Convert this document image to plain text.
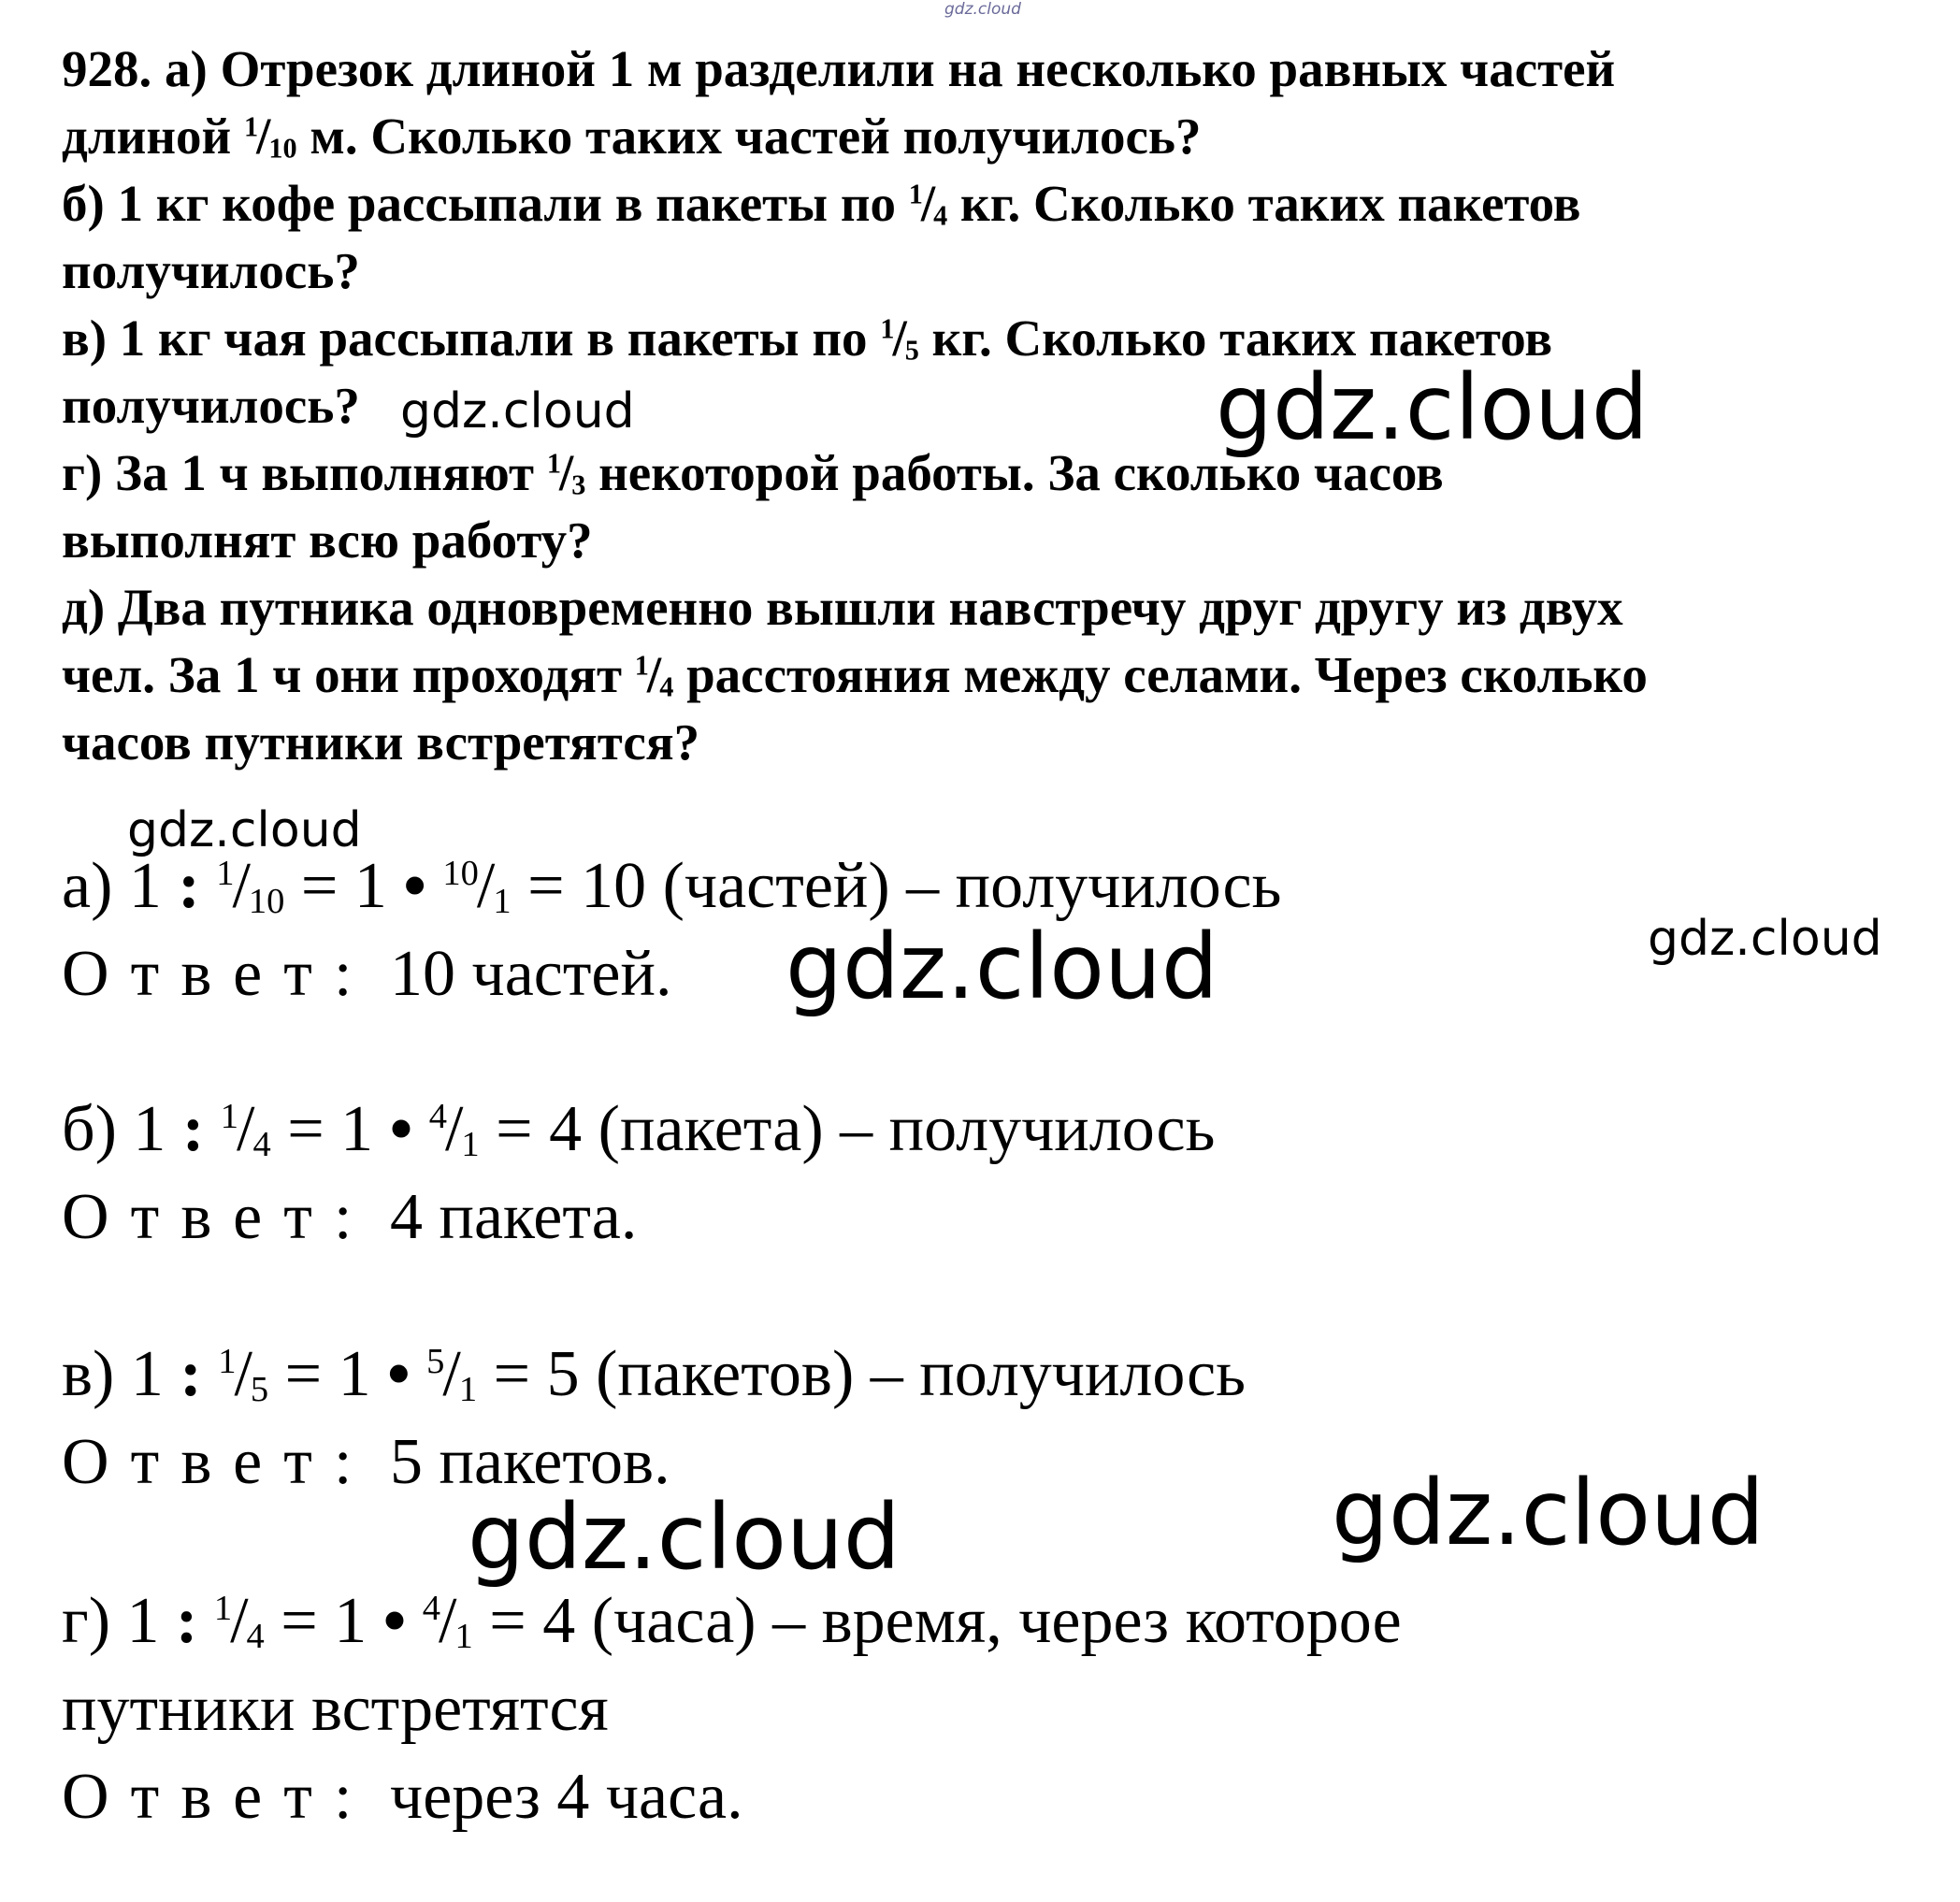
928. а) Отрезок длиной 1 м разделили на несколько равных частей
длиной $^1$/10 м. Сколько таких частей получилось?
б) 1 кг кофе рассыпали в пакеты по $^1$/4 кг. Сколько таких пакетов
получилось?
в) 1 кг чая рассыпали в пакеты по $^1$/5 кг. Сколько таких пакетов
получилось?
г) За 1 ч выполняют $^1$/3 некоторой работы. За сколько часов
выполнят всю работу?
д) Два путника одновременно вышли навстречу друг другу из двух
чел. За 1 ч они проходят $^1$/4 расстояния между селами. Через сколько
часов путники встретятся?
а) 1 : $^1$/10 = 1 • $^{10}$/1 = 10 (частей) – получилось
Ответ: 10 частей.
б) 1 : $^1$/4 = 1 • $^4$/1 = 4 (пакета) – получилось
Ответ: 4 пакета.
в) 1 : $^1$/5 = 1 • $^5$/1 = 5 (пакетов) – получилось
Ответ: 5 пакетов.
г) 1 : $^1$/4 = 1 • $^4$/1 = 4 (часа) – время, через которое
путники встретятся
Ответ: через 4 часа.
gdz.cloud
gdz.cloud	gdz.cloud
gdz.cloud
gdz.cloud
gdz.cloud
gdz.cloud	gdz.cloud
